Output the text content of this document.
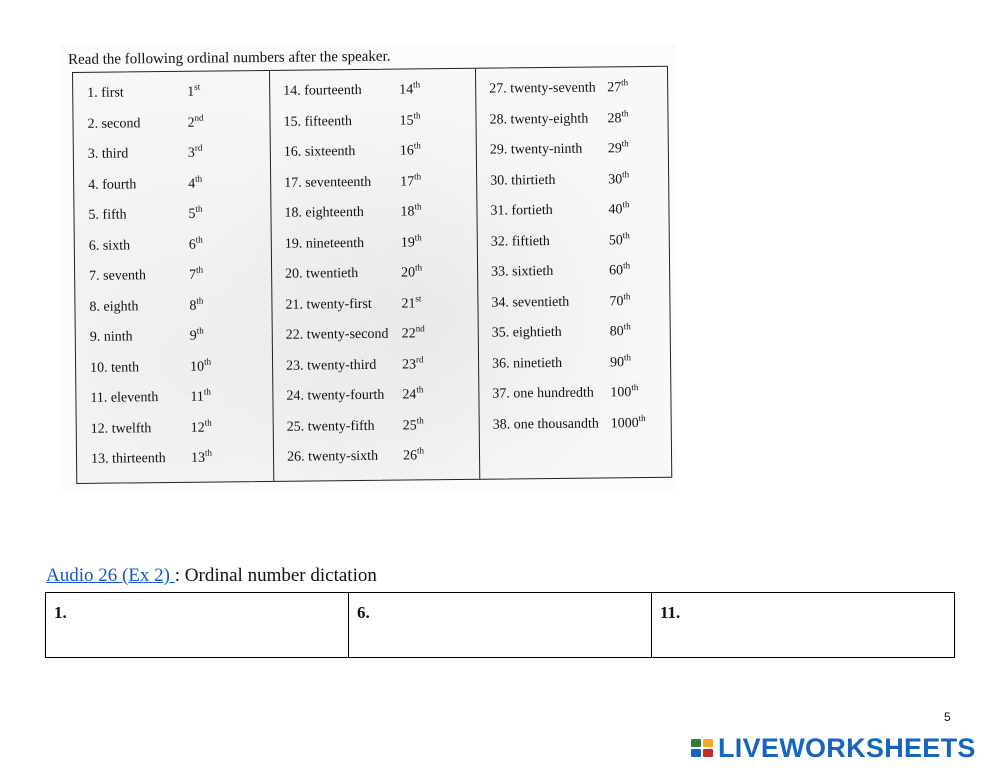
Read the following ordinal numbers after the speaker.
1. first	1st
2. second	2nd
3. third	3rd
4. fourth	4th
5. fifth	5th
6. sixth	6th
7. seventh	7th
8. eighth	8th
9. ninth	9th
10. tenth	10th
11. eleventh 11th
12. twelfth	12th
13. thirteenth 13th
14. fourteenth	14th
15. fifteenth	15th
16. sixteenth	16th
17. seventeenth 17th
18. eighteenth	18th
19. nineteenth	19th
20. twentieth	20th
21. twenty-first 21st
22. twenty-second 22nd
23. twenty-third 23rd
24. twenty-fourth 24th
25. twenty-fifth 25th
26. twenty-sixth 26th
27. twenty-seventh 27th
28. twenty-eighth 28th
29. twenty-ninth 29th
30. thirtieth	30th
31. fortieth	40th
32. fiftieth	50th
33. sixtieth	60th
34. seventieth	70th
35. eightieth	80th
36. ninetieth	90th
37. one hundredth 100th
38. one thousandth 1000th
Audio 26 (Ex 2) : Ordinal number dictation
1.	6.	11.
5
LIVEWORKSHEETS
